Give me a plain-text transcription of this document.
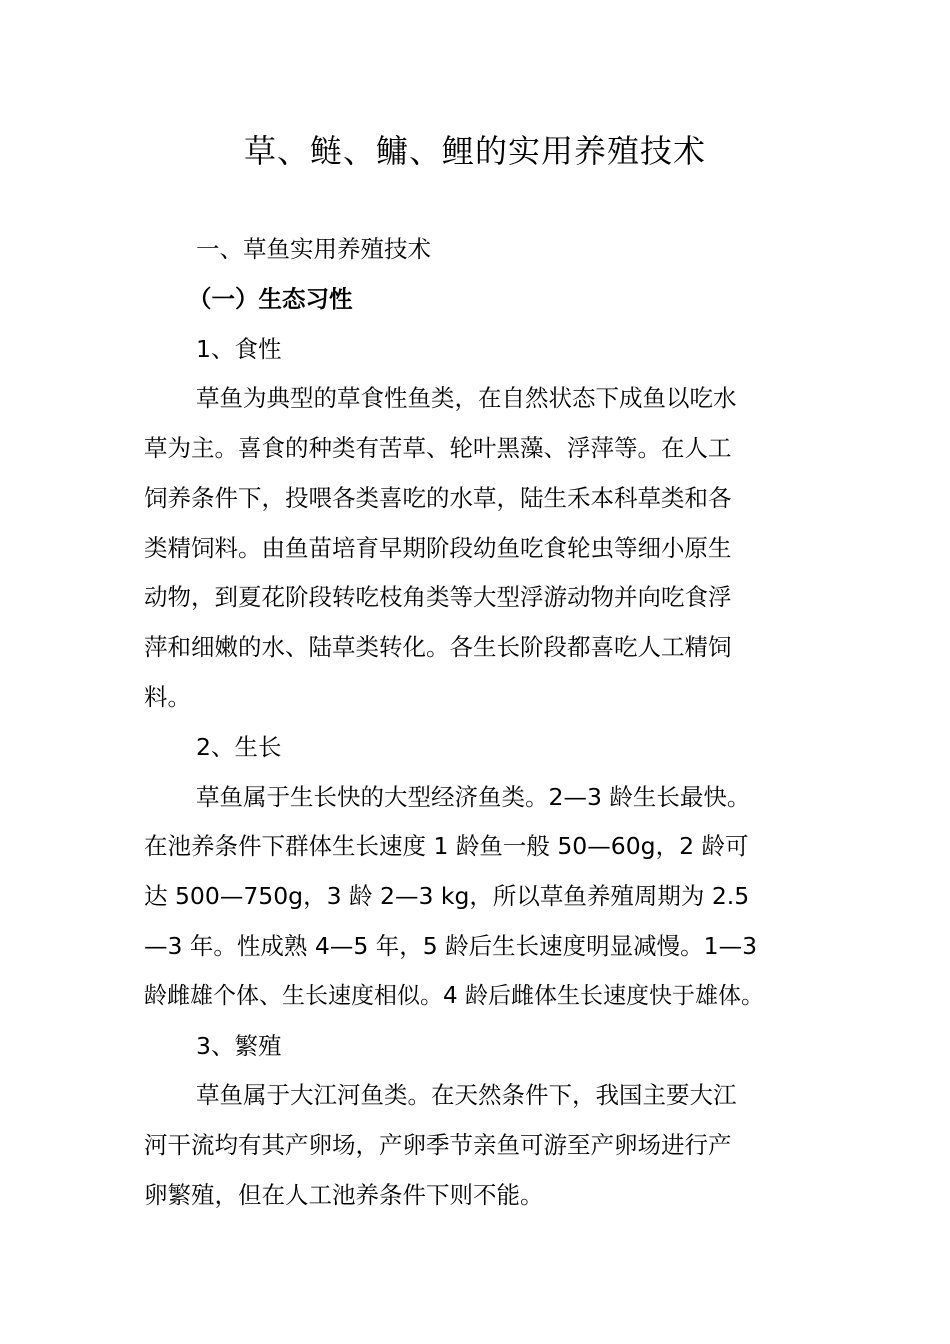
草、鲢、鳙、鲤的实用养殖技术

一、草鱼实用养殖技术

（一）生态习性

1、食性

草鱼为典型的草食性鱼类，在自然状态下成鱼以吃水

草为主。喜食的种类有苦草、轮叶黑藻、浮萍等。在人工

饲养条件下，投喂各类喜吃的水草，陆生禾本科草类和各

类精饲料。由鱼苗培育早期阶段幼鱼吃食轮虫等细小原生

动物，到夏花阶段转吃枝角类等大型浮游动物并向吃食浮

萍和细嫩的水、陆草类转化。各生长阶段都喜吃人工精饲

料。

2、生长

草鱼属于生长快的大型经济鱼类。2—3 龄生长最快。

在池养条件下群体生长速度 1 龄鱼一般 50—60g，2 龄可

达 500—750g，3 龄 2—3 kg，所以草鱼养殖周期为 2.5

—3 年。性成熟 4—5 年，5 龄后生长速度明显减慢。1—3

龄雌雄个体、生长速度相似。4 龄后雌体生长速度快于雄体。

3、繁殖

草鱼属于大江河鱼类。在天然条件下，我国主要大江

河干流均有其产卵场，产卵季节亲鱼可游至产卵场进行产

卵繁殖，但在人工池养条件下则不能。
